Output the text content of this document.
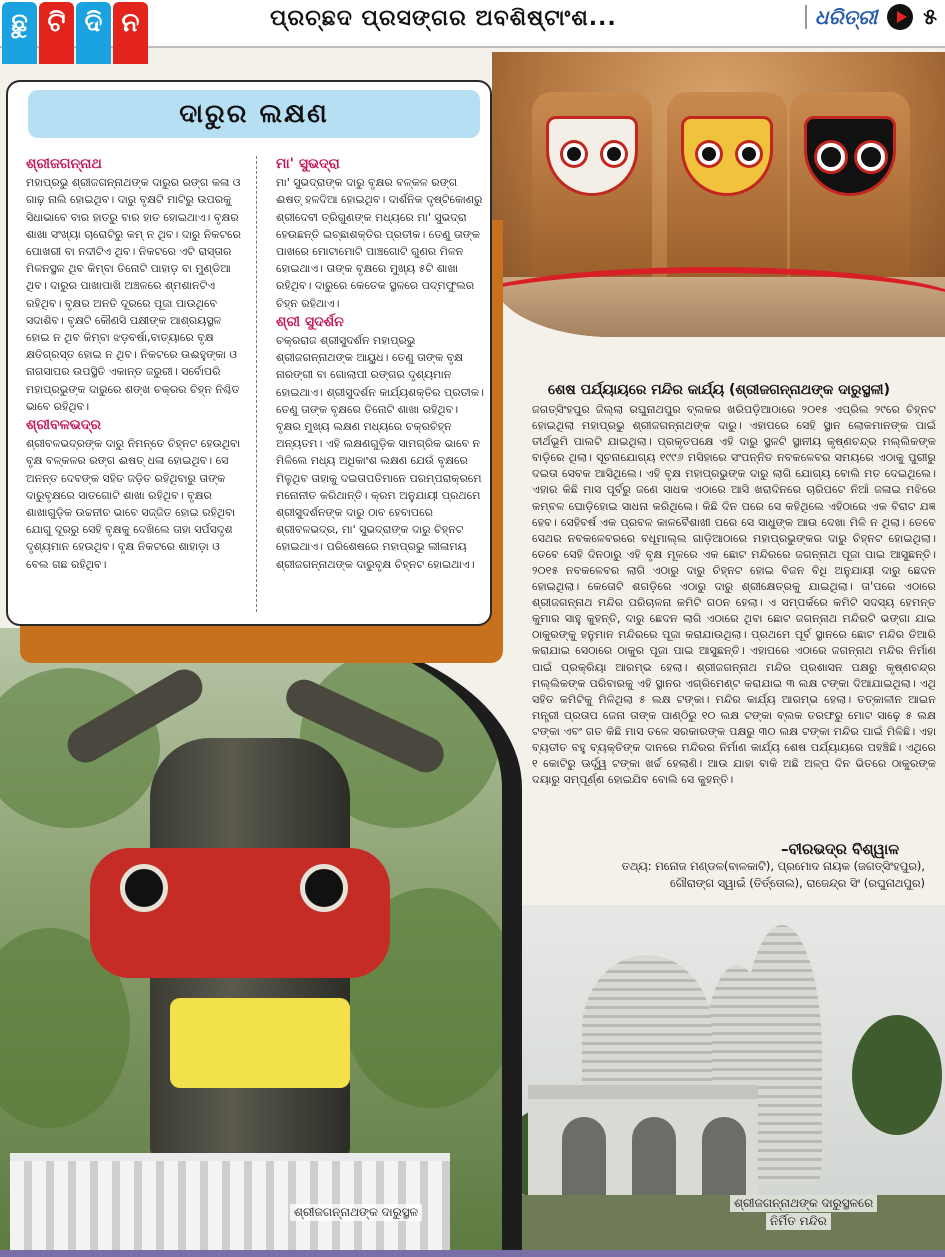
ଛୁ ଟି ଦି ନ	ପ୍ରଚ୍ଛଦ ପ୍ରସଙ୍ଗର ଅବଶିଷ୍ଟାଂଶ...	ଧରିତ୍ରୀ ୫
ଶ୍ରୀଜଗନ୍ନାଥଙ୍କ ଦାରୁସ୍ଥଳ
ଦାରୁର ଲକ୍ଷଣ
ଶ୍ରୀଜଗନ୍ନାଥ

ମହାପ୍ରଭୁ ଶ୍ରୀଜଗନ୍ନାଥଙ୍କ ଦାରୁର ରଙ୍ଗ କଳା ଓ ଗାଢ଼ ନାଲି ହୋଇଥିବ। ଦାରୁ ବୃକ୍ଷଟି ମାଟିରୁ ଉପରକୁ ସିଧାଭାବେ ବାର ହାତରୁ ବାର ହାତ ହୋଇଥାଏ। ବୃକ୍ଷର ଶାଖା ସଂଖ୍ୟା ଚାରୋଟିରୁ କମ୍ ନ ଥିବ। ଦାରୁ ନିକଟରେ ପୋଖରୀ ବା ନଦୀଟିଏ ଥିବ। ନିକଟରେ ଏଟି ରାସ୍ତାର ମିଳନସ୍ଥଳ ଥିବ କିମ୍ବା ତିନୋଟି ପାହାଡ଼ ବା ମୁଣ୍ଡିଆ ଥିବ। ଦାରୁର ପାଖାପାଖି ଅଞ୍ଚଳରେ ଶ୍ମଶାନଟିଏ ରହିଥିବ। ବୃକ୍ଷର ଅନତି ଦୂରରେ ପୂଜା ପାଉଥିବେ ସଦାଶିବ। ବୃକ୍ଷଟି କୌଣସି ପକ୍ଷୀଙ୍କ ଆଶ୍ରୟସ୍ଥଳ ହୋଇ ନ ଥିବ କିମ୍ବା ଝଡ଼ବର୍ଷା,ବାତ୍ୟାରେ ବୃକ୍ଷ କ୍ଷତିଗ୍ରସ୍ତ ହୋଇ ନ ଥିବ। ନିକଟରେ ଉଈହୁଙ୍କା ଓ ନାଗସାପର ଉପସ୍ଥିତି ଏକାନ୍ତ ଜରୁରୀ। ସର୍ବୋପରି ମହାପ୍ରଭୁଙ୍କ ଦାରୁରେ ଶଙ୍ଖ ଚକ୍ରର ଚିହ୍ନ ନିଶ୍ଚିତ ଭାବେ ରହିଥିବ।

ଶ୍ରୀବଳଭଦ୍ର

ଶ୍ରୀବଳଭଦ୍ରଙ୍କ ଦାରୁ ନିମନ୍ତେ ଚିହ୍ନଟ ହେଉଥିବା ବୃକ୍ଷ ବଳ୍କଳର ରଙ୍ଗ ଈଷତ୍ ଧଳା ହୋଇଥିବ। ସେ ଅନନ୍ତ ଦେବଙ୍କ ସହିତ ଜଡ଼ିତ ରହିଥିବାରୁ ତାଙ୍କ ଦାରୁବୃକ୍ଷରେ ସାତଗୋଟି ଶାଖା ରହିଥିବ। ବୃକ୍ଷର ଶାଖାଗୁଡ଼ିକ ଉଚ୍ଚନୀଚ ଭାବେ ସଜ୍ଜିତ ହୋଇ ରହିଥିବା ଯୋଗୁ ଦୂରରୁ ସେହି ବୃକ୍ଷକୁ ଦେଖିଲେ ତାହା ସର୍ପସଦୃଶ ଦୃଶ୍ୟମାନ ହେଉଥିବ। ବୃକ୍ଷ ନିକଟରେ ଶାହାଡ଼ା ଓ ବେଲ ଗଛ ରହିଥିବ।

ମା' ସୁଭଦ୍ରା

ମା' ସୁଭଦ୍ରାଙ୍କ ଦାରୁ ବୃକ୍ଷର ବଳ୍କଳ ରଙ୍ଗ ଈଷତ୍ ହଳଦିଆ ହୋଇଥିବ। ଦାର୍ଶନିକ ଦୃଷ୍ଟିକୋଣରୁ ଶ୍ରୀଦେବୀ ତ୍ରିଗୁଣଙ୍କ ମଧ୍ୟରେ ମା' ସୁଭଦ୍ରା ହେଉଛନ୍ତି ଇଚ୍ଛାଶକ୍ତିର ପ୍ରତୀକ। ତେଣୁ ତାଙ୍କ ପାଖରେ ମୋଟାମୋଟି ପାଞ୍ଚଗୋଟି ଗୁଣର ମିଳନ ହୋଇଥାଏ। ତାଙ୍କ ବୃକ୍ଷରେ ମୁଖ୍ୟ ୫ଟି ଶାଖା ରହିଥିବ। ଦାରୁରେ କେତେକ ସ୍ଥଳରେ ପଦ୍ମଫୁଲର ଚିହ୍ନ ରହିଥାଏ।

ଶ୍ରୀ ସୁଦର୍ଶନ

ଚକ୍ରରାଜ ଶ୍ରୀସୁଦର୍ଶନ ମହାପ୍ରଭୁ ଶ୍ରୀଜଗନ୍ନାଥଙ୍କ ଆୟୁଧ। ତେଣୁ ତାଙ୍କ ବୃକ୍ଷ ନାରଙ୍ଗୀ ବା ଗୋଲାପୀ ରଙ୍ଗର ଦୃଶ୍ୟମାନ ହୋଇଥାଏ। ଶ୍ରୀସୁଦର୍ଶନ କାର୍ଯ୍ୟଶକ୍ତିର ପ୍ରତୀକ। ତେଣୁ ତାଙ୍କ ବୃକ୍ଷରେ ତିନୋଟି ଶାଖା ରହିଥିବ। ବୃକ୍ଷର ମୁଖ୍ୟ ଲକ୍ଷଣ ମଧ୍ୟରେ ଚକ୍ରଚିହ୍ନ ଅନ୍ୟତମ। ଏହି ଲକ୍ଷଣଗୁଡ଼ିକ ସାମଗ୍ରିକ ଭାବେ ନ ମିଳିଲେ ମଧ୍ୟ ଅଧିକାଂଶ ଲକ୍ଷଣ ଯେଉଁ ବୃକ୍ଷରେ ମିଳୁଥିବ ତାହାକୁ ଦଇତାପତିମାନେ ପରମ୍ପରାକ୍ରମେ ମନୋନୀତ କରିଥାନ୍ତି। କ୍ରମ ଅନୁଯାୟୀ ପ୍ରଥମେ ଶ୍ରୀସୁଦର୍ଶନଙ୍କ ଦାରୁ ଠାବ ହେବାପରେ ଶ୍ରୀବଳଭଦ୍ର, ମା' ସୁଭଦ୍ରାଙ୍କ ଦାରୁ ଚିହ୍ନଟ ହୋଇଥାଏ। ପରିଶେଷରେ ମହାପ୍ରଭୁ ଲୀଳାମୟ ଶ୍ରୀଜଗନ୍ନାଥଙ୍କ ଦାରୁବୃକ୍ଷ ଚିହ୍ନଟ ହୋଇଥାଏ।

ଶେଷ ପର୍ଯ୍ୟାୟରେ ମନ୍ଦିର କାର୍ଯ୍ୟ (ଶ୍ରୀଜଗନ୍ନାଥଙ୍କ ଦାରୁସ୍ଥଳୀ)

ଜଗତ୍‌ସିଂହପୁର ଜିଲ୍ଲା ରଘୁନାଥପୁର ବ୍ଲକର ଖରିପଡ଼ିଆଠାରେ ୨୦୧୫ ଏପ୍ରିଲ ୨୯ରେ ଚିହ୍ନଟ ହୋଇଥିଲା ମହାପ୍ରଭୁ ଶ୍ରୀଜଗନ୍ନାଥଙ୍କ ଦାରୁ। ଏହାପରେ ସେହି ସ୍ଥାନ ଲୋକମାନଙ୍କ ପାଇଁ ତୀର୍ଥଭୂମି ପାଲଟି ଯାଇଥିଲା। ପ୍ରକୃତପକ୍ଷେ ଏହି ଦାରୁ ସ୍ଥଳଟି ସ୍ଥାନୀୟ କୃଷ୍ଣଚନ୍ଦ୍ର ମଲ୍ଲିକଙ୍କ ବାଡ଼ିରେ ଥିଲା। ସୂଚନାଯୋଗ୍ୟ ୧୯୯୬ ମସିହାରେ ସଂପନ୍ନିତ ନବକଳେବର ସମୟରେ ଏଠାକୁ ପୁରୀରୁ ଦଇତା ସେବକ ଆସିଥିଲେ। ଏହି ବୃକ୍ଷ ମହାପ୍ରଭୁଙ୍କ ଦାରୁ ଲାଗି ଯୋଗ୍ୟ ବୋଲି ମତ ଦେଇଥିଲେ। ଏହାର କିଛି ମାସ ପୂର୍ବରୁ ଜଣେ ସାଧକ ଏଠାରେ ଆସି ଖରାଦିନରେ ଚାରିପଟେ ନିଆଁ ଜଳାଇ ମଝିରେ କମ୍ବଳ ଘୋଡ଼ିହୋଇ ସାଧନା କରିଥିଲେ। କିଛି ଦିନ ପରେ ସେ କହିଥିଲେ ଏହିଠାରେ ଏକ ବିରାଟ ଯଜ୍ଞ ହେବ। ସେହିବର୍ଷ ଏକ ପ୍ରବଳ କାଳବୈଶାଖୀ ପରେ ସେ ସାଧୁଙ୍କ ଆଉ ଦେଖା ମିଳି ନ ଥିଲା। ତେବେ ସେଥର ନବକଳେବରରେ ବଧୂମାଲ୍ଲ ଗାଡ଼ିଆଠାରେ ମହାପ୍ରଭୁଙ୍କର ଦାରୁ ଚିହ୍ନଟ ହୋଇଥିଲା। ତେବେ ସେହି ଦିନଠାରୁ ଏହି ବୃକ୍ଷ ମୂଳରେ ଏକ ଛୋଟ ମନ୍ଦିରରେ ଜଗନ୍ନାଥ ପୂଜା ପାଇ ଆସୁଛନ୍ତି। ୨୦୧୫ ନବକଳେବର ଲାଗି ଏଠାରୁ ଦାରୁ ଚିହ୍ନଟ ହୋଇ ବିଜନ ବିଧି ଅନୁଯାୟୀ ଦାରୁ ଛେଦନ ହୋଇଥିଲା। କେତୋଟି ଶଗଡ଼ିରେ ଏଠାରୁ ଦାରୁ ଶ୍ରୀକ୍ଷେତ୍ରକୁ ଯାଇଥିଲା। ତା'ପରେ ଏଠାରେ ଶ୍ରୀଜଗନ୍ନାଥ ମନ୍ଦିର ପରିଚାଳନା କମିଟି ଗଠନ ହେଲା। ଏ ସମ୍ପର୍କରେ କମିଟି ସଦସ୍ୟ ହେମନ୍ତ କୁମାର ସାହୁ କୁହନ୍ତି, ଦାରୁ ଛେଦନ ଲାଗି ଏଠାରେ ଥିବା ଛୋଟ ଜଗନ୍ନାଥ ମନ୍ଦିରଟି ଭଙ୍ଗା ଯାଇ ଠାକୁରଙ୍କୁ ହନୁମାନ ମନ୍ଦିରରେ ପୂଜା କରାଯାଉଥିଲା। ପ୍ରଥମେ ପୂର୍ବ ସ୍ଥାନରେ ଛୋଟ ମନ୍ଦିର ତିଆରି କରାଯାଇ ସେଠାରେ ଠାକୁର ପୂଜା ପାଇ ଆସୁଛନ୍ତି। ଏହାପରେ ଏଠାରେ ଜଗନ୍ନାଥ ମନ୍ଦିର ନିର୍ମାଣ ପାଇଁ ପ୍ରକ୍ରିୟା ଆରମ୍ଭ ହେଲା। ଶ୍ରୀଜଗନ୍ନାଥ ମନ୍ଦିର ପ୍ରଶାସନ ପକ୍ଷରୁ କୃଷ୍ଣଚନ୍ଦ୍ର ମଲ୍ଲିକଙ୍କ ପରିବାରକୁ ଏହି ସ୍ଥାନର ଏଗ୍ରିମେଣ୍ଟ କରାଯାଇ ୩ ଲକ୍ଷ ଟଙ୍କା ଦିଆଯାଇଥିଲା। ଏଥି ସହିତ କମିଟିକୁ ମିଳିଥିଲା ୫ ଲକ୍ଷ ଟଙ୍କା। ମନ୍ଦିର କାର୍ଯ୍ୟ ଆରମ୍ଭ ହେଲା। ତତ୍କାଳୀନ ଆଇନ ମନ୍ତ୍ରୀ ପ୍ରତାପ ଜେନା ତାଙ୍କ ପାଣ୍ଠିରୁ ୧୦ ଲକ୍ଷ ଟଙ୍କା ବ୍ଲକ ତରଫରୁ ମୋଟ ସାଢ଼େ ୫ ଲକ୍ଷ ଟଙ୍କା ଏବଂ ଗତ କିଛି ମାସ ତଳେ ସରକାରଙ୍କ ପକ୍ଷରୁ ୩୦ ଲକ୍ଷ ଟଙ୍କା ମନ୍ଦିର ପାଇଁ ମିଳିଛି। ଏହା ବ୍ୟତୀତ ବହୁ ବ୍ୟକ୍ତିଙ୍କ ଦାନରେ ମନ୍ଦିରର ନିର୍ମାଣ କାର୍ଯ୍ୟ ଶେଷ ପର୍ଯ୍ୟାୟରେ ପହଞ୍ଚିଛି। ଏଥିରେ ୧ କୋଟିରୁ ଊର୍ଦ୍ଧ୍ୱ ଟଙ୍କା ଖର୍ଚ୍ଚ ହେଲାଣି। ଆଉ ଯାହା ବାକି ଅଛି ଅଳ୍ପ ଦିନ ଭିତରେ ଠାକୁରଙ୍କ ଦୟାରୁ ସମ୍ପୂର୍ଣ୍ଣ ହୋଇଯିବ ବୋଲି ସେ କୁହନ୍ତି।

–ବୀରଭଦ୍ର ବିଶ୍ୱାଳ
ତଥ୍ୟ: ମନୋଜ ମଣ୍ଡଳ(ବାଳକାଟି), ପ୍ରମୋଦ ନାୟକ (ଜଗତ୍‌ସିଂହପୁର), ଗୌରାଙ୍ଗ ସ୍ୱାଇଁ (ତିର୍ତ୍ତୋଲ), ରାଜେନ୍ଦ୍ର ସିଂ (ରଘୁନାଥପୁର)
ଶ୍ରୀଜଗନ୍ନାଥଙ୍କ ଦାରୁସ୍ଥଳରେ
ନିର୍ମିତ ମନ୍ଦିର
